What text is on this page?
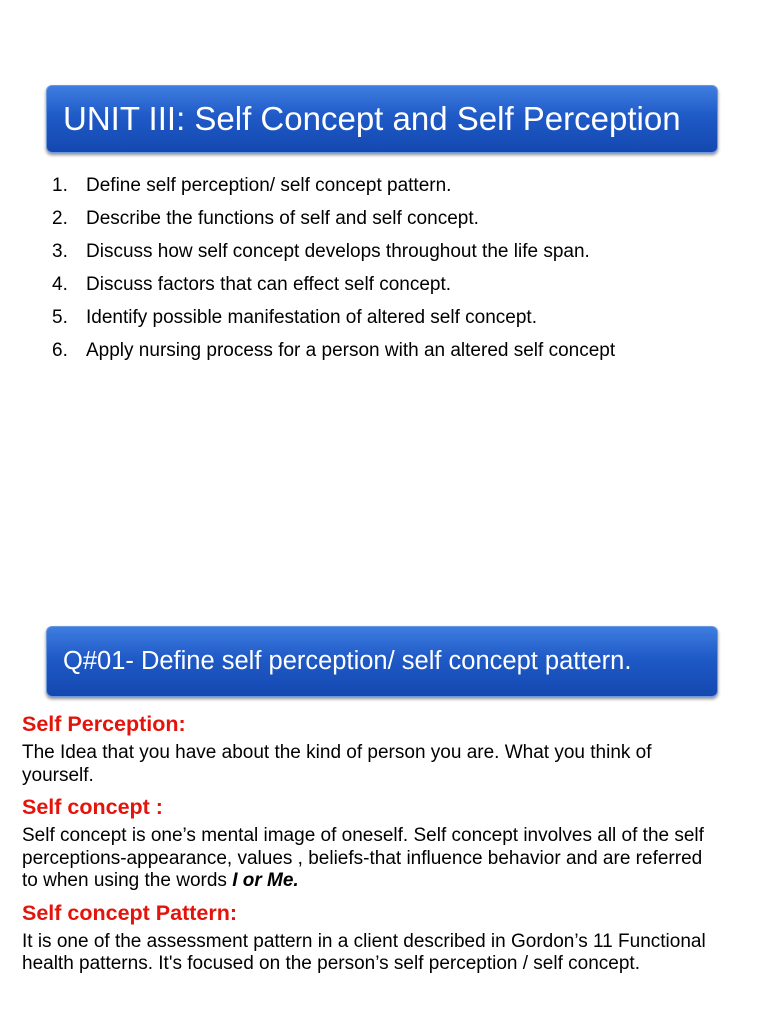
UNIT III: Self Concept and Self Perception
1. Define self perception/ self concept pattern.
2. Describe the functions of self and self concept.
3. Discuss how self concept develops throughout the life span.
4. Discuss factors that can effect self concept.
5. Identify possible manifestation of altered self concept.
6. Apply nursing process for a person with an altered self concept
Q#01- Define self perception/ self concept pattern.

Self Perception:

The Idea that you have about the kind of person you are. What you think of yourself.

Self concept :

Self concept is one’s mental image of oneself. Self concept involves all of the self perceptions-appearance, values , beliefs-that influence behavior and are referred to when using the words I or Me.

Self concept Pattern:

It is one of the assessment pattern in a client described in Gordon’s 11 Functional health patterns. It's focused on the person’s self perception / self concept.
